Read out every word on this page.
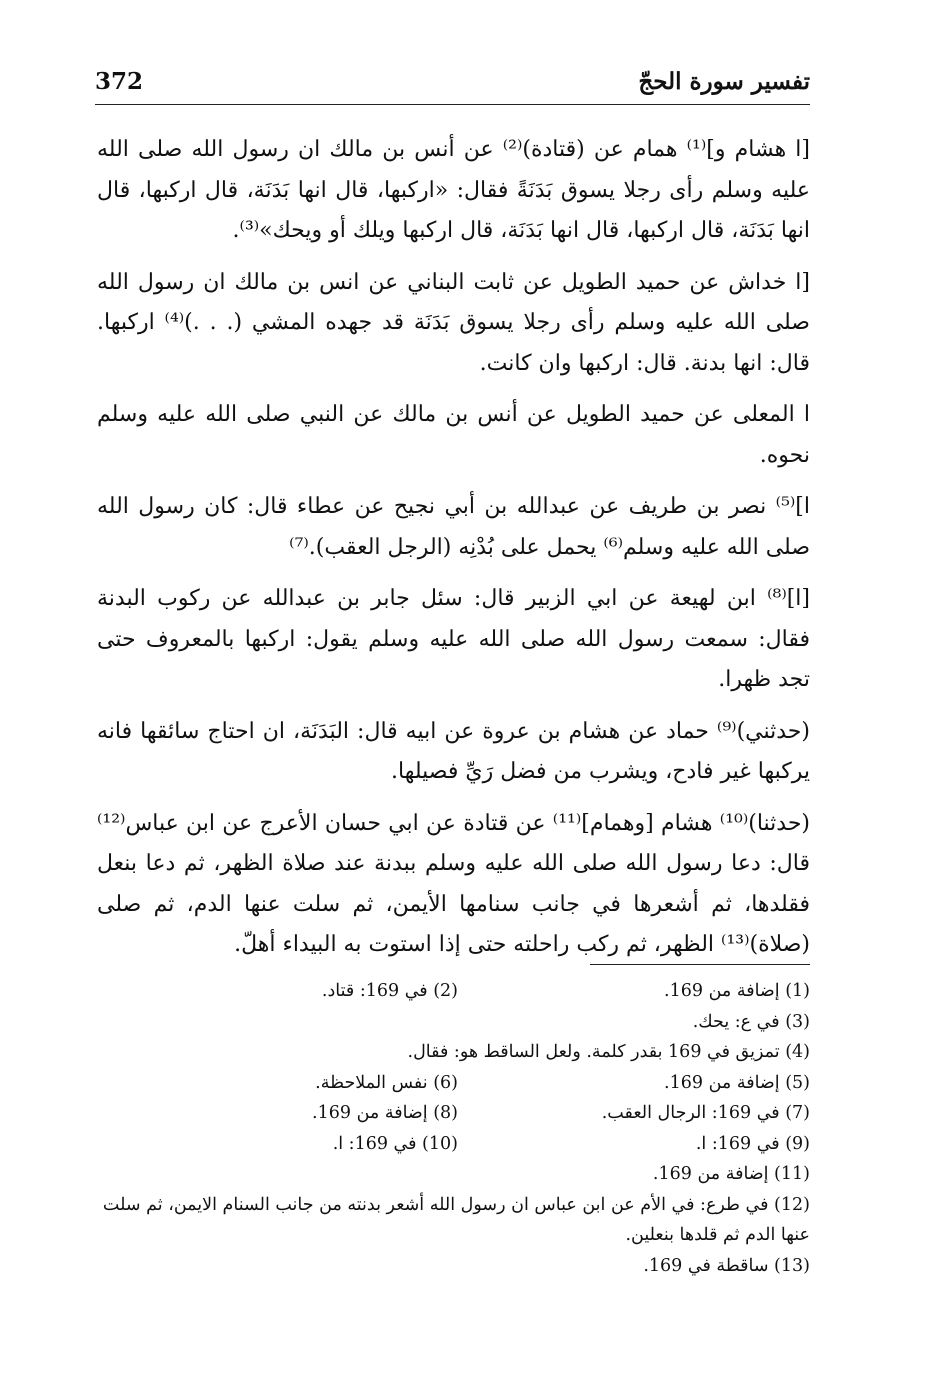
تفسير سورة الحجّ
372

[ا هشام و]⁽¹⁾ همام عن (قتادة)⁽²⁾ عن أنس بن مالك ان رسول الله صلى الله عليه وسلم رأى رجلا يسوق بَدَنَةً فقال: «اركبها، قال انها بَدَنَة، قال اركبها، قال انها بَدَنَة، قال اركبها، قال انها بَدَنَة، قال اركبها ويلك أو ويحك»⁽³⁾.

[ا خداش عن حميد الطويل عن ثابت البناني عن انس بن مالك ان رسول الله صلى الله عليه وسلم رأى رجلا يسوق بَدَنَة قد جهده المشي (. . .)⁽⁴⁾ اركبها. قال: انها بدنة. قال: اركبها وان كانت.

ا المعلى عن حميد الطويل عن أنس بن مالك عن النبي صلى الله عليه وسلم نحوه.

ا]⁽⁵⁾ نصر بن طريف عن عبدالله بن أبي نجيح عن عطاء قال: كان رسول الله صلى الله عليه وسلم⁽⁶⁾ يحمل على بُدْنِه (الرجل العقب).⁽⁷⁾

[ا]⁽⁸⁾ ابن لهيعة عن ابي الزبير قال: سئل جابر بن عبدالله عن ركوب البدنة فقال: سمعت رسول الله صلى الله عليه وسلم يقول: اركبها بالمعروف حتى تجد ظهرا.

(حدثني)⁽⁹⁾ حماد عن هشام بن عروة عن ابيه قال: البَدَنَة، ان احتاج سائقها فانه يركبها غير فادح، ويشرب من فضل رَيِّ فصيلها.

(حدثنا)⁽¹⁰⁾ هشام [وهمام]⁽¹¹⁾ عن قتادة عن ابي حسان الأعرج عن ابن عباس⁽¹²⁾ قال: دعا رسول الله صلى الله عليه وسلم ببدنة عند صلاة الظهر، ثم دعا بنعل فقلدها، ثم أشعرها في جانب سنامها الأيمن، ثم سلت عنها الدم، ثم صلى (صلاة)⁽¹³⁾ الظهر، ثم ركب راحلته حتى إذا استوت به البيداء أهلّ.

(1) إضافة من 169.
(2) في 169: قتاد.
(3) في ع: يحك.
(4) تمزيق في 169 بقدر كلمة. ولعل الساقط هو: فقال.
(5) إضافة من 169.
(6) نفس الملاحظة.
(7) في 169: الرجال العقب.
(8) إضافة من 169.
(9) في 169: ا.
(10) في 169: ا.
(11) إضافة من 169.
(12) في طرع: في الأم عن ابن عباس ان رسول الله أشعر بدنته من جانب السنام الايمن، ثم سلت عنها الدم ثم قلدها بنعلين.
(13) ساقطة في 169.
